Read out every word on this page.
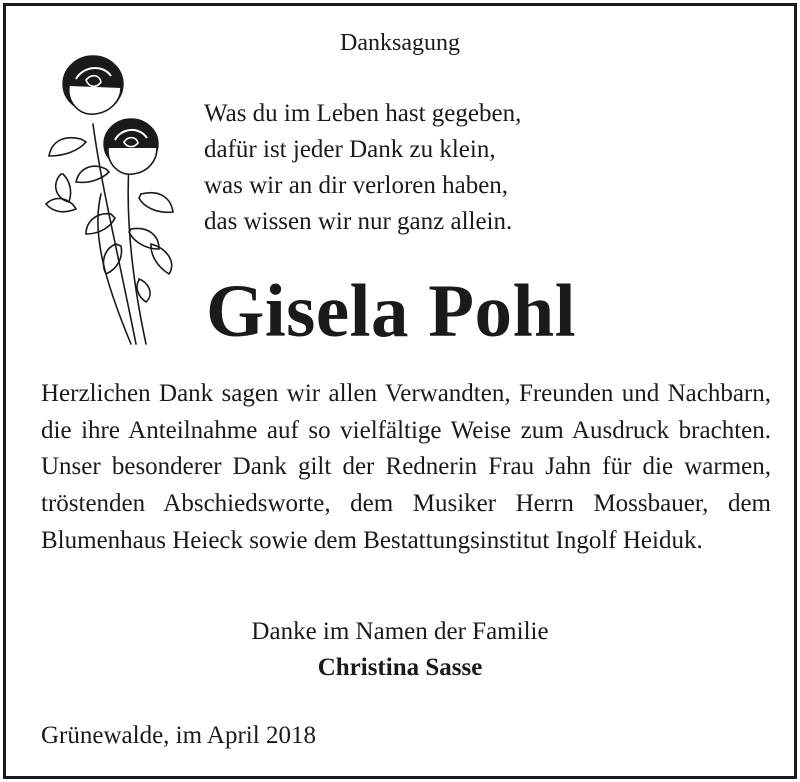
Danksagung
Was du im Leben hast gegeben,
dafür ist jeder Dank zu klein,
was wir an dir verloren haben,
das wissen wir nur ganz allein.
Gisela Pohl
Herzlichen Dank sagen wir allen Verwandten, Freunden und Nachbarn, die ihre Anteilnahme auf so vielfältige Weise zum Ausdruck brachten. Unser besonderer Dank gilt der Rednerin Frau Jahn für die warmen, tröstenden Abschiedsworte, dem Musiker Herrn Mossbauer, dem Blumenhaus Heieck sowie dem Bestattungsinstitut Ingolf Heiduk.
Danke im Namen der Familie
Christina Sasse
Grünewalde, im April 2018
